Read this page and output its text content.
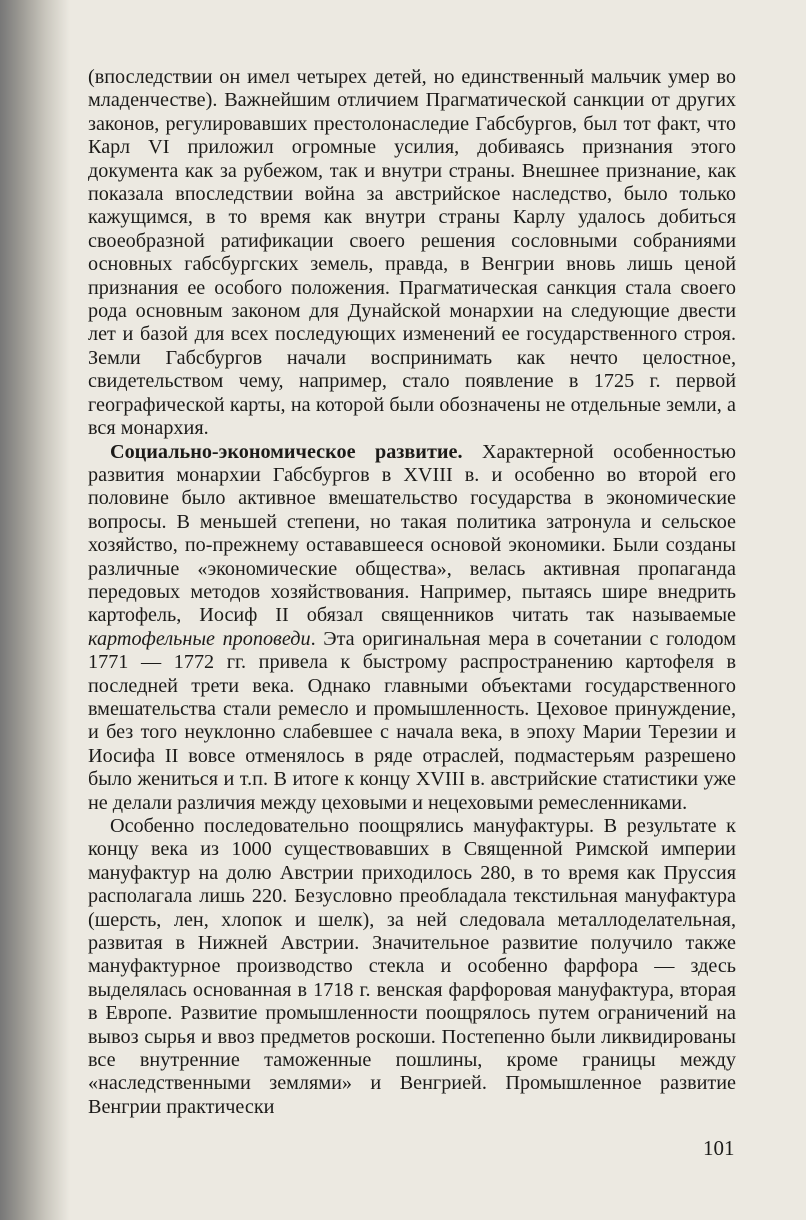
(впоследствии он имел четырех детей, но единственный мальчик умер во младенчестве). Важнейшим отличием Прагматической санкции от других законов, регулировавших престолонаследие Габсбургов, был тот факт, что Карл VI приложил огромные усилия, добиваясь признания этого документа как за рубежом, так и внутри страны. Внешнее признание, как показала впоследствии война за австрийское наследство, было только кажущимся, в то время как внутри страны Карлу удалось добиться своеобразной ратификации своего решения сословными собраниями основных габсбургских земель, правда, в Венгрии вновь лишь ценой признания ее особого положения. Прагматическая санкция стала своего рода основным законом для Дунайской монархии на следующие двести лет и базой для всех последующих изменений ее государственного строя. Земли Габсбургов начали воспринимать как нечто целостное, свидетельством чему, например, стало появление в 1725 г. первой географической карты, на которой были обозначены не отдельные земли, а вся монархия.

Социально-экономическое развитие. Характерной особенностью развития монархии Габсбургов в XVIII в. и особенно во второй его половине было активное вмешательство государства в экономические вопросы. В меньшей степени, но такая политика затронула и сельское хозяйство, по-прежнему остававшееся основой экономики. Были созданы различные «экономические общества», велась активная пропаганда передовых методов хозяйствования. Например, пытаясь шире внедрить картофель, Иосиф II обязал священников читать так называемые картофельные проповеди. Эта оригинальная мера в сочетании с голодом 1771 — 1772 гг. привела к быстрому распространению картофеля в последней трети века. Однако главными объектами государственного вмешательства стали ремесло и промышленность. Цеховое принуждение, и без того неуклонно слабевшее с начала века, в эпоху Марии Терезии и Иосифа II вовсе отменялось в ряде отраслей, подмастерьям разрешено было жениться и т.п. В итоге к концу XVIII в. австрийские статистики уже не делали различия между цеховыми и нецеховыми ремесленниками.

Особенно последовательно поощрялись мануфактуры. В результате к концу века из 1000 существовавших в Священной Римской империи мануфактур на долю Австрии приходилось 280, в то время как Пруссия располагала лишь 220. Безусловно преобладала текстильная мануфактура (шерсть, лен, хлопок и шелк), за ней следовала металлоделательная, развитая в Нижней Австрии. Значительное развитие получило также мануфактурное производство стекла и особенно фарфора — здесь выделялась основанная в 1718 г. венская фарфоровая мануфактура, вторая в Европе. Развитие промышленности поощрялось путем ограничений на вывоз сырья и ввоз предметов роскоши. Постепенно были ликвидированы все внутренние таможенные пошлины, кроме границы между «наследственными землями» и Венгрией. Промышленное развитие Венгрии практически

101
